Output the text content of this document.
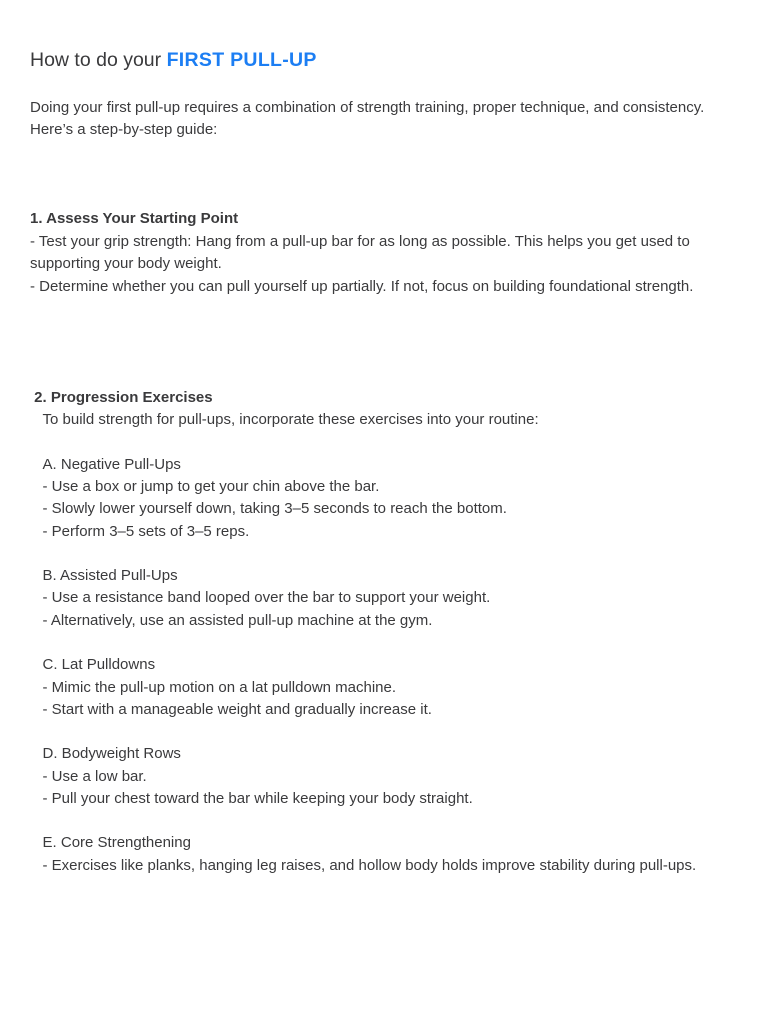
How to do your FIRST PULL-UP

Doing your first pull-up requires a combination of strength training, proper technique, and consistency. Here’s a step-by-step guide:

1. Assess Your Starting Point

- Test your grip strength: Hang from a pull-up bar for as long as possible. This helps you get used to supporting your body weight.

- Determine whether you can pull yourself up partially. If not, focus on building foundational strength.

2. Progression Exercises

To build strength for pull-ups, incorporate these exercises into your routine:

A. Negative Pull-Ups

- Use a box or jump to get your chin above the bar.

- Slowly lower yourself down, taking 3–5 seconds to reach the bottom.

- Perform 3–5 sets of 3–5 reps.

B. Assisted Pull-Ups

- Use a resistance band looped over the bar to support your weight.

- Alternatively, use an assisted pull-up machine at the gym.

C. Lat Pulldowns

- Mimic the pull-up motion on a lat pulldown machine.

- Start with a manageable weight and gradually increase it.

D. Bodyweight Rows

- Use a low bar.

- Pull your chest toward the bar while keeping your body straight.

E. Core Strengthening

- Exercises like planks, hanging leg raises, and hollow body holds improve stability during pull-ups.
